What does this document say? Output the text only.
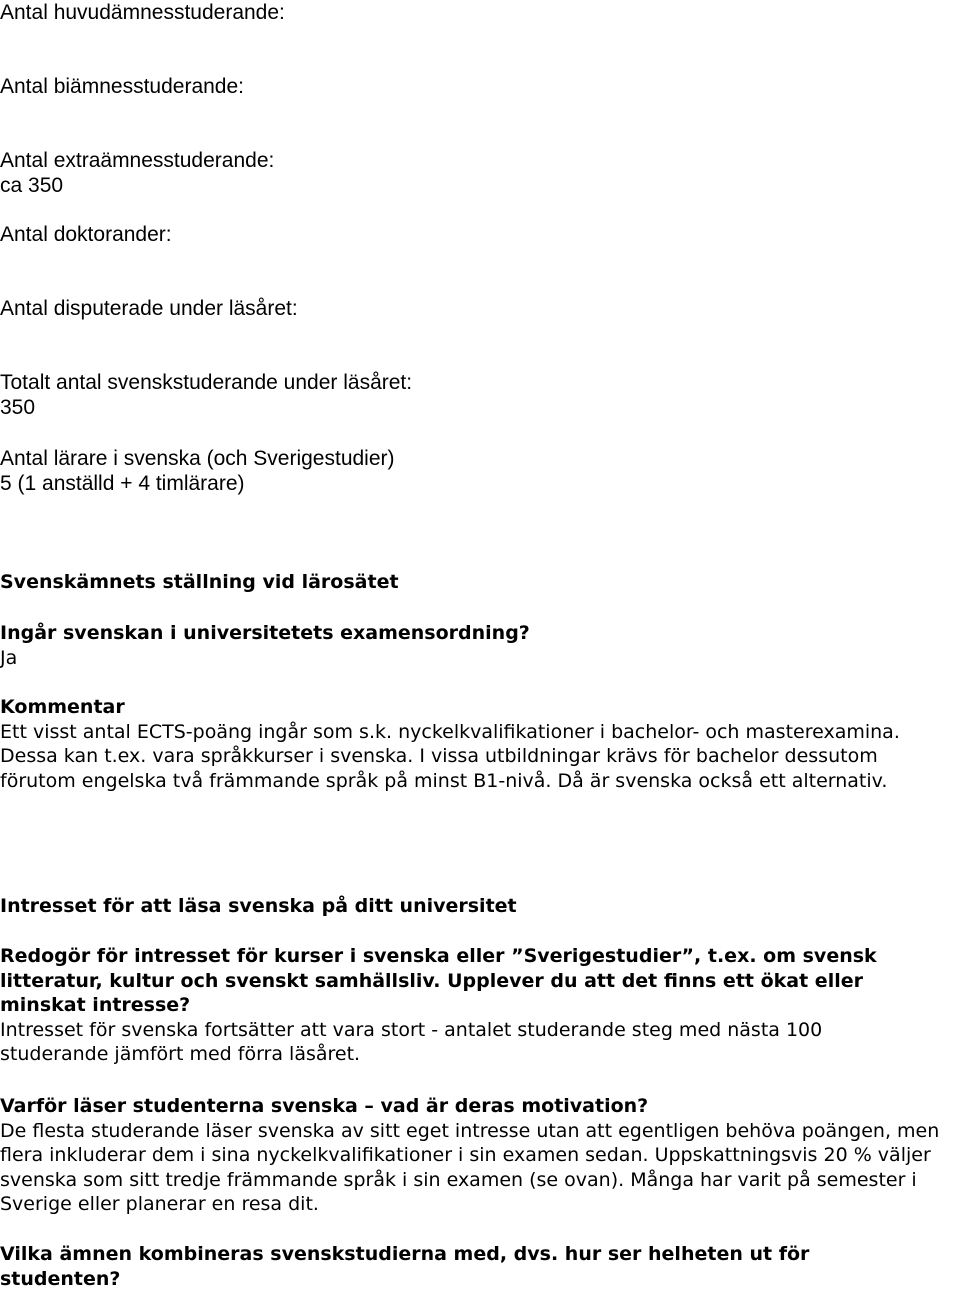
Antal huvudämnesstuderande:
Antal biämnesstuderande:
Antal extraämnesstuderande:
ca 350
Antal doktorander:
Antal disputerade under läsåret:
Totalt antal svenskstuderande under läsåret:
350
Antal lärare i svenska (och Sverigestudier)
5 (1 anställd + 4 timlärare)
Svenskämnets ställning vid lärosätet
Ingår svenskan i universitetets examensordning?
Ja
Kommentar
Ett visst antal ECTS-poäng ingår som s.k. nyckelkvalifikationer i bachelor- och masterexamina. Dessa kan t.ex. vara språkkurser i svenska. I vissa utbildningar krävs för bachelor dessutom förutom engelska två främmande språk på minst B1-nivå. Då är svenska också ett alternativ.
Intresset för att läsa svenska på ditt universitet
Redogör för intresset för kurser i svenska eller ”Sverigestudier”, t.ex. om svensk litteratur, kultur och svenskt samhällsliv. Upplever du att det finns ett ökat eller minskat intresse?
Intresset för svenska fortsätter att vara stort - antalet studerande steg med nästa 100 studerande jämfört med förra läsåret.
Varför läser studenterna svenska – vad är deras motivation?
De flesta studerande läser svenska av sitt eget intresse utan att egentligen behöva poängen, men flera inkluderar dem i sina nyckelkvalifikationer i sin examen sedan. Uppskattningsvis 20 % väljer svenska som sitt tredje främmande språk i sin examen (se ovan). Många har varit på semester i Sverige eller planerar en resa dit.
Vilka ämnen kombineras svenskstudierna med, dvs. hur ser helheten ut för studenten?
